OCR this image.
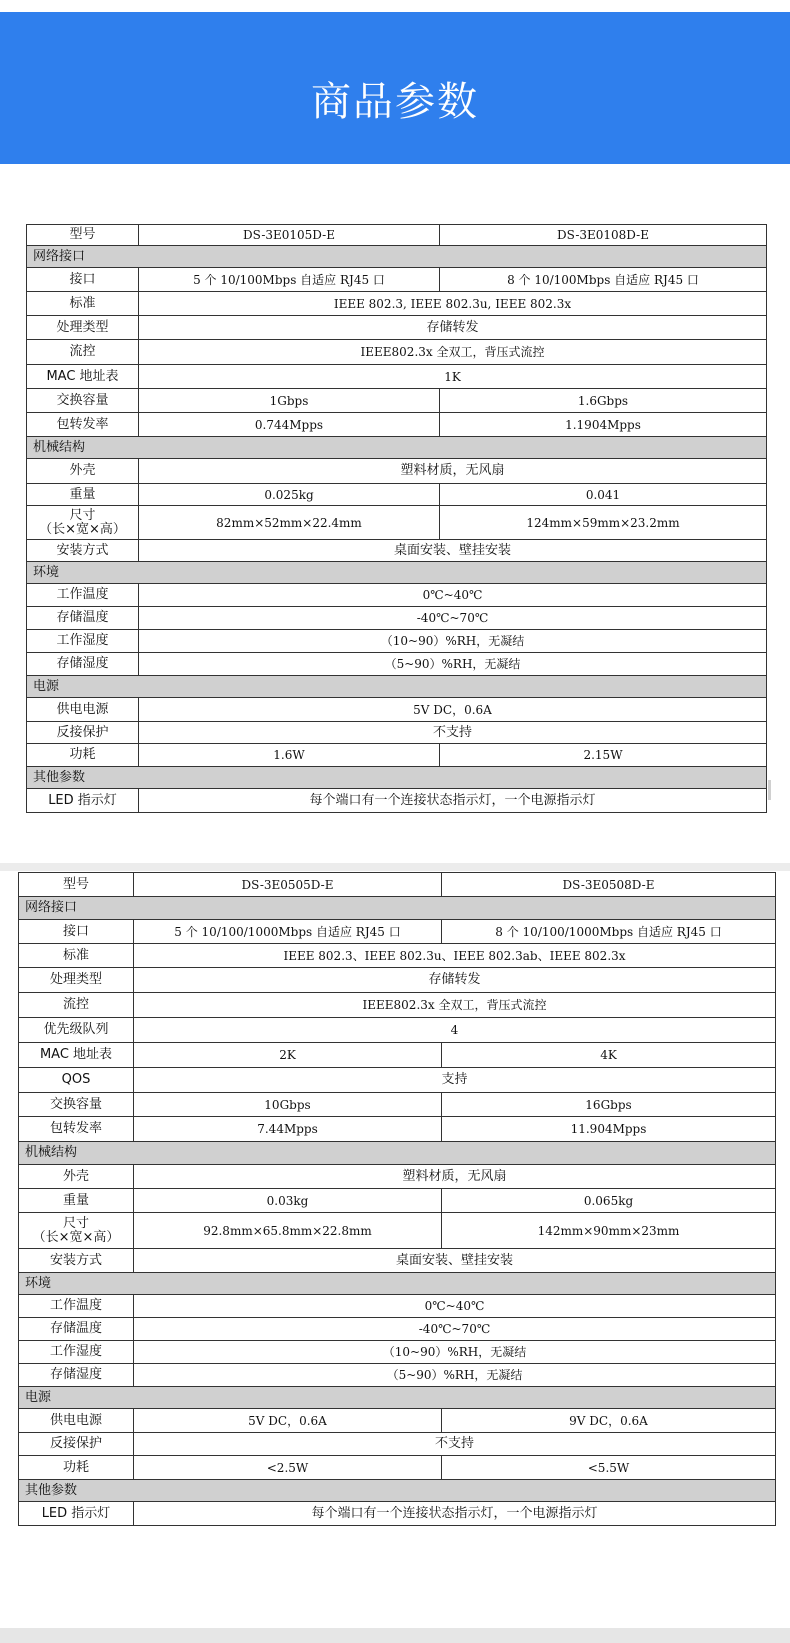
商品参数
型号	DS-3E0105D-E	DS-3E0108D-E
网络接口		
接口	5 个 10/100Mbps 自适应 RJ45 口	8 个 10/100Mbps 自适应 RJ45 口
标准	IEEE 802.3, IEEE 802.3u, IEEE 802.3x	
处理类型	存储转发	
流控	IEEE802.3x 全双工，背压式流控	
MAC 地址表	1K	
交换容量	1Gbps	1.6Gbps
包转发率	0.744Mpps	1.1904Mpps
机械结构		
外壳	塑料材质，无风扇	
重量	0.025kg	0.041
尺寸
（长×宽×高）	82mm×52mm×22.4mm	124mm×59mm×23.2mm
安装方式	桌面安装、壁挂安装	
环境		
工作温度	0℃~40℃	
存储温度	-40℃~70℃	
工作湿度	（10~90）%RH，无凝结	
存储湿度	（5~90）%RH，无凝结	
电源		
供电电源	5V DC，0.6A	
反接保护	不支持	
功耗	1.6W	2.15W
其他参数		
LED 指示灯	每个端口有一个连接状态指示灯，一个电源指示灯	
型号	DS-3E0505D-E	DS-3E0508D-E
网络接口		
接口	5 个 10/100/1000Mbps 自适应 RJ45 口	8 个 10/100/1000Mbps 自适应 RJ45 口
标准	IEEE 802.3、IEEE 802.3u、IEEE 802.3ab、IEEE 802.3x	
处理类型	存储转发	
流控	IEEE802.3x 全双工，背压式流控	
优先级队列	4	
MAC 地址表	2K	4K
QOS	支持	
交换容量	10Gbps	16Gbps
包转发率	7.44Mpps	11.904Mpps
机械结构		
外壳	塑料材质，无风扇	
重量	0.03kg	0.065kg
尺寸
（长×宽×高）	92.8mm×65.8mm×22.8mm	142mm×90mm×23mm
安装方式	桌面安装、壁挂安装	
环境		
工作温度	0℃~40℃	
存储温度	-40℃~70℃	
工作湿度	（10~90）%RH，无凝结	
存储湿度	（5~90）%RH，无凝结	
电源		
供电电源	5V DC，0.6A	9V DC，0.6A
反接保护	不支持	
功耗	<2.5W	<5.5W
其他参数		
LED 指示灯	每个端口有一个连接状态指示灯，一个电源指示灯	
